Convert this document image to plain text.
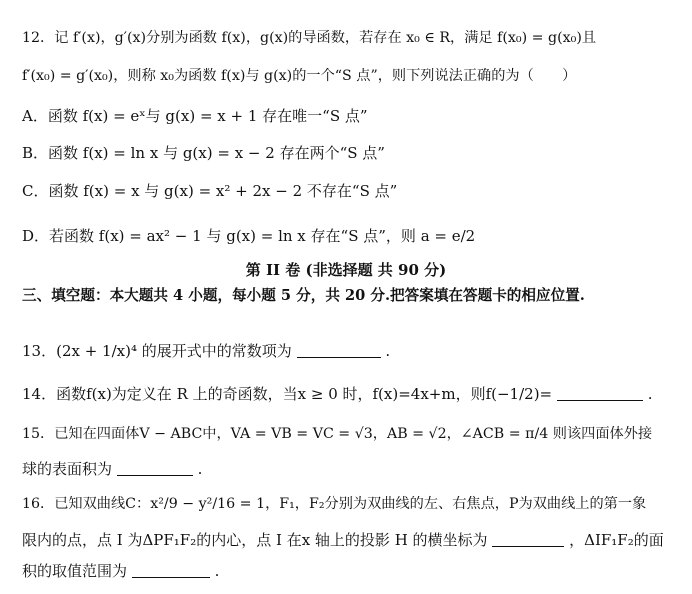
12．记 f′(x)，g′(x)分别为函数 f(x)，g(x)的导函数，若存在 x₀ ∈ R，满足 f(x₀) = g(x₀)且
f′(x₀) = g′(x₀)，则称 x₀为函数 f(x)与 g(x)的一个“S 点”，则下列说法正确的为（　　）
A．函数 f(x) = eˣ与 g(x) = x + 1 存在唯一“S 点”
B．函数 f(x) = ln x 与 g(x) = x − 2 存在两个“S 点”
C．函数 f(x) = x 与 g(x) = x² + 2x − 2 不存在“S 点”
D．若函数 f(x) = ax² − 1 与 g(x) = ln x 存在“S 点”，则 a = e/2
第 II 卷 (非选择题 共 90 分)
三、填空题：本大题共 4 小题，每小题 5 分，共 20 分.把答案填在答题卡的相应位置.
13．(2x + 1/x)⁴ 的展开式中的常数项为	.
14．函数f(x)为定义在 R 上的奇函数，当x ≥ 0 时，f(x)=4x+m，则f(−1/2)=	.
15．已知在四面体V − ABC中，VA = VB = VC = √3，AB = √2，∠ACB = π/4 则该四面体外接
球的表面积为	.
16．已知双曲线C：x²/9 − y²/16 = 1，F₁，F₂分别为双曲线的左、右焦点，P为双曲线上的第一象
限内的点，点 I 为ΔPF₁F₂的内心，点 I 在x 轴上的投影 H 的横坐标为	，ΔIF₁F₂的面
积的取值范围为	.
